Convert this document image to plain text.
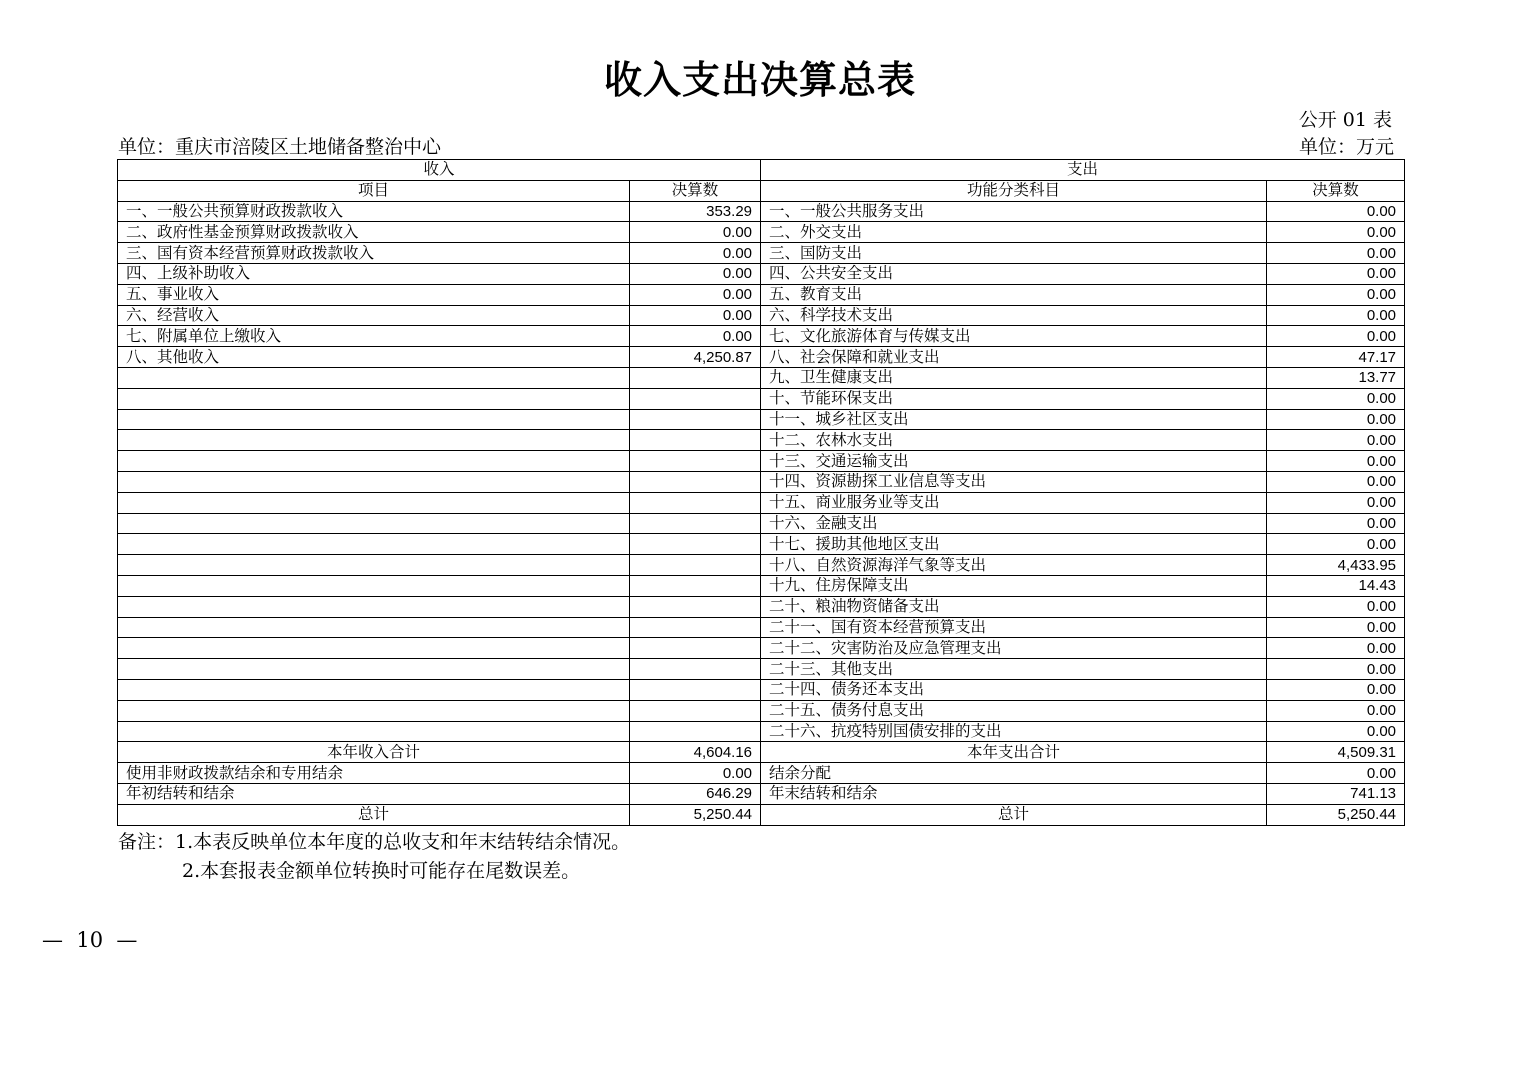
收入支出决算总表
公开 01 表
单位：重庆市涪陵区土地储备整治中心	单位：万元
收入		支出	
项目	决算数	功能分类科目	决算数
一、一般公共预算财政拨款收入	353.29	一、一般公共服务支出	0.00
二、政府性基金预算财政拨款收入	0.00	二、外交支出	0.00
三、国有资本经营预算财政拨款收入	0.00	三、国防支出	0.00
四、上级补助收入	0.00	四、公共安全支出	0.00
五、事业收入	0.00	五、教育支出	0.00
六、经营收入	0.00	六、科学技术支出	0.00
七、附属单位上缴收入	0.00	七、文化旅游体育与传媒支出	0.00
八、其他收入	4,250.87	八、社会保障和就业支出	47.17
		九、卫生健康支出	13.77
		十、节能环保支出	0.00
		十一、城乡社区支出	0.00
		十二、农林水支出	0.00
		十三、交通运输支出	0.00
		十四、资源勘探工业信息等支出	0.00
		十五、商业服务业等支出	0.00
		十六、金融支出	0.00
		十七、援助其他地区支出	0.00
		十八、自然资源海洋气象等支出	4,433.95
		十九、住房保障支出	14.43
		二十、粮油物资储备支出	0.00
		二十一、国有资本经营预算支出	0.00
		二十二、灾害防治及应急管理支出	0.00
		二十三、其他支出	0.00
		二十四、债务还本支出	0.00
		二十五、债务付息支出	0.00
		二十六、抗疫特别国债安排的支出	0.00
本年收入合计	4,604.16	本年支出合计	4,509.31
使用非财政拨款结余和专用结余	0.00	结余分配	0.00
年初结转和结余	646.29	年末结转和结余	741.13
总计	5,250.44	总计	5,250.44
备注：1.本表反映单位本年度的总收支和年末结转结余情况。
2.本套报表金额单位转换时可能存在尾数误差。
—  10  —
